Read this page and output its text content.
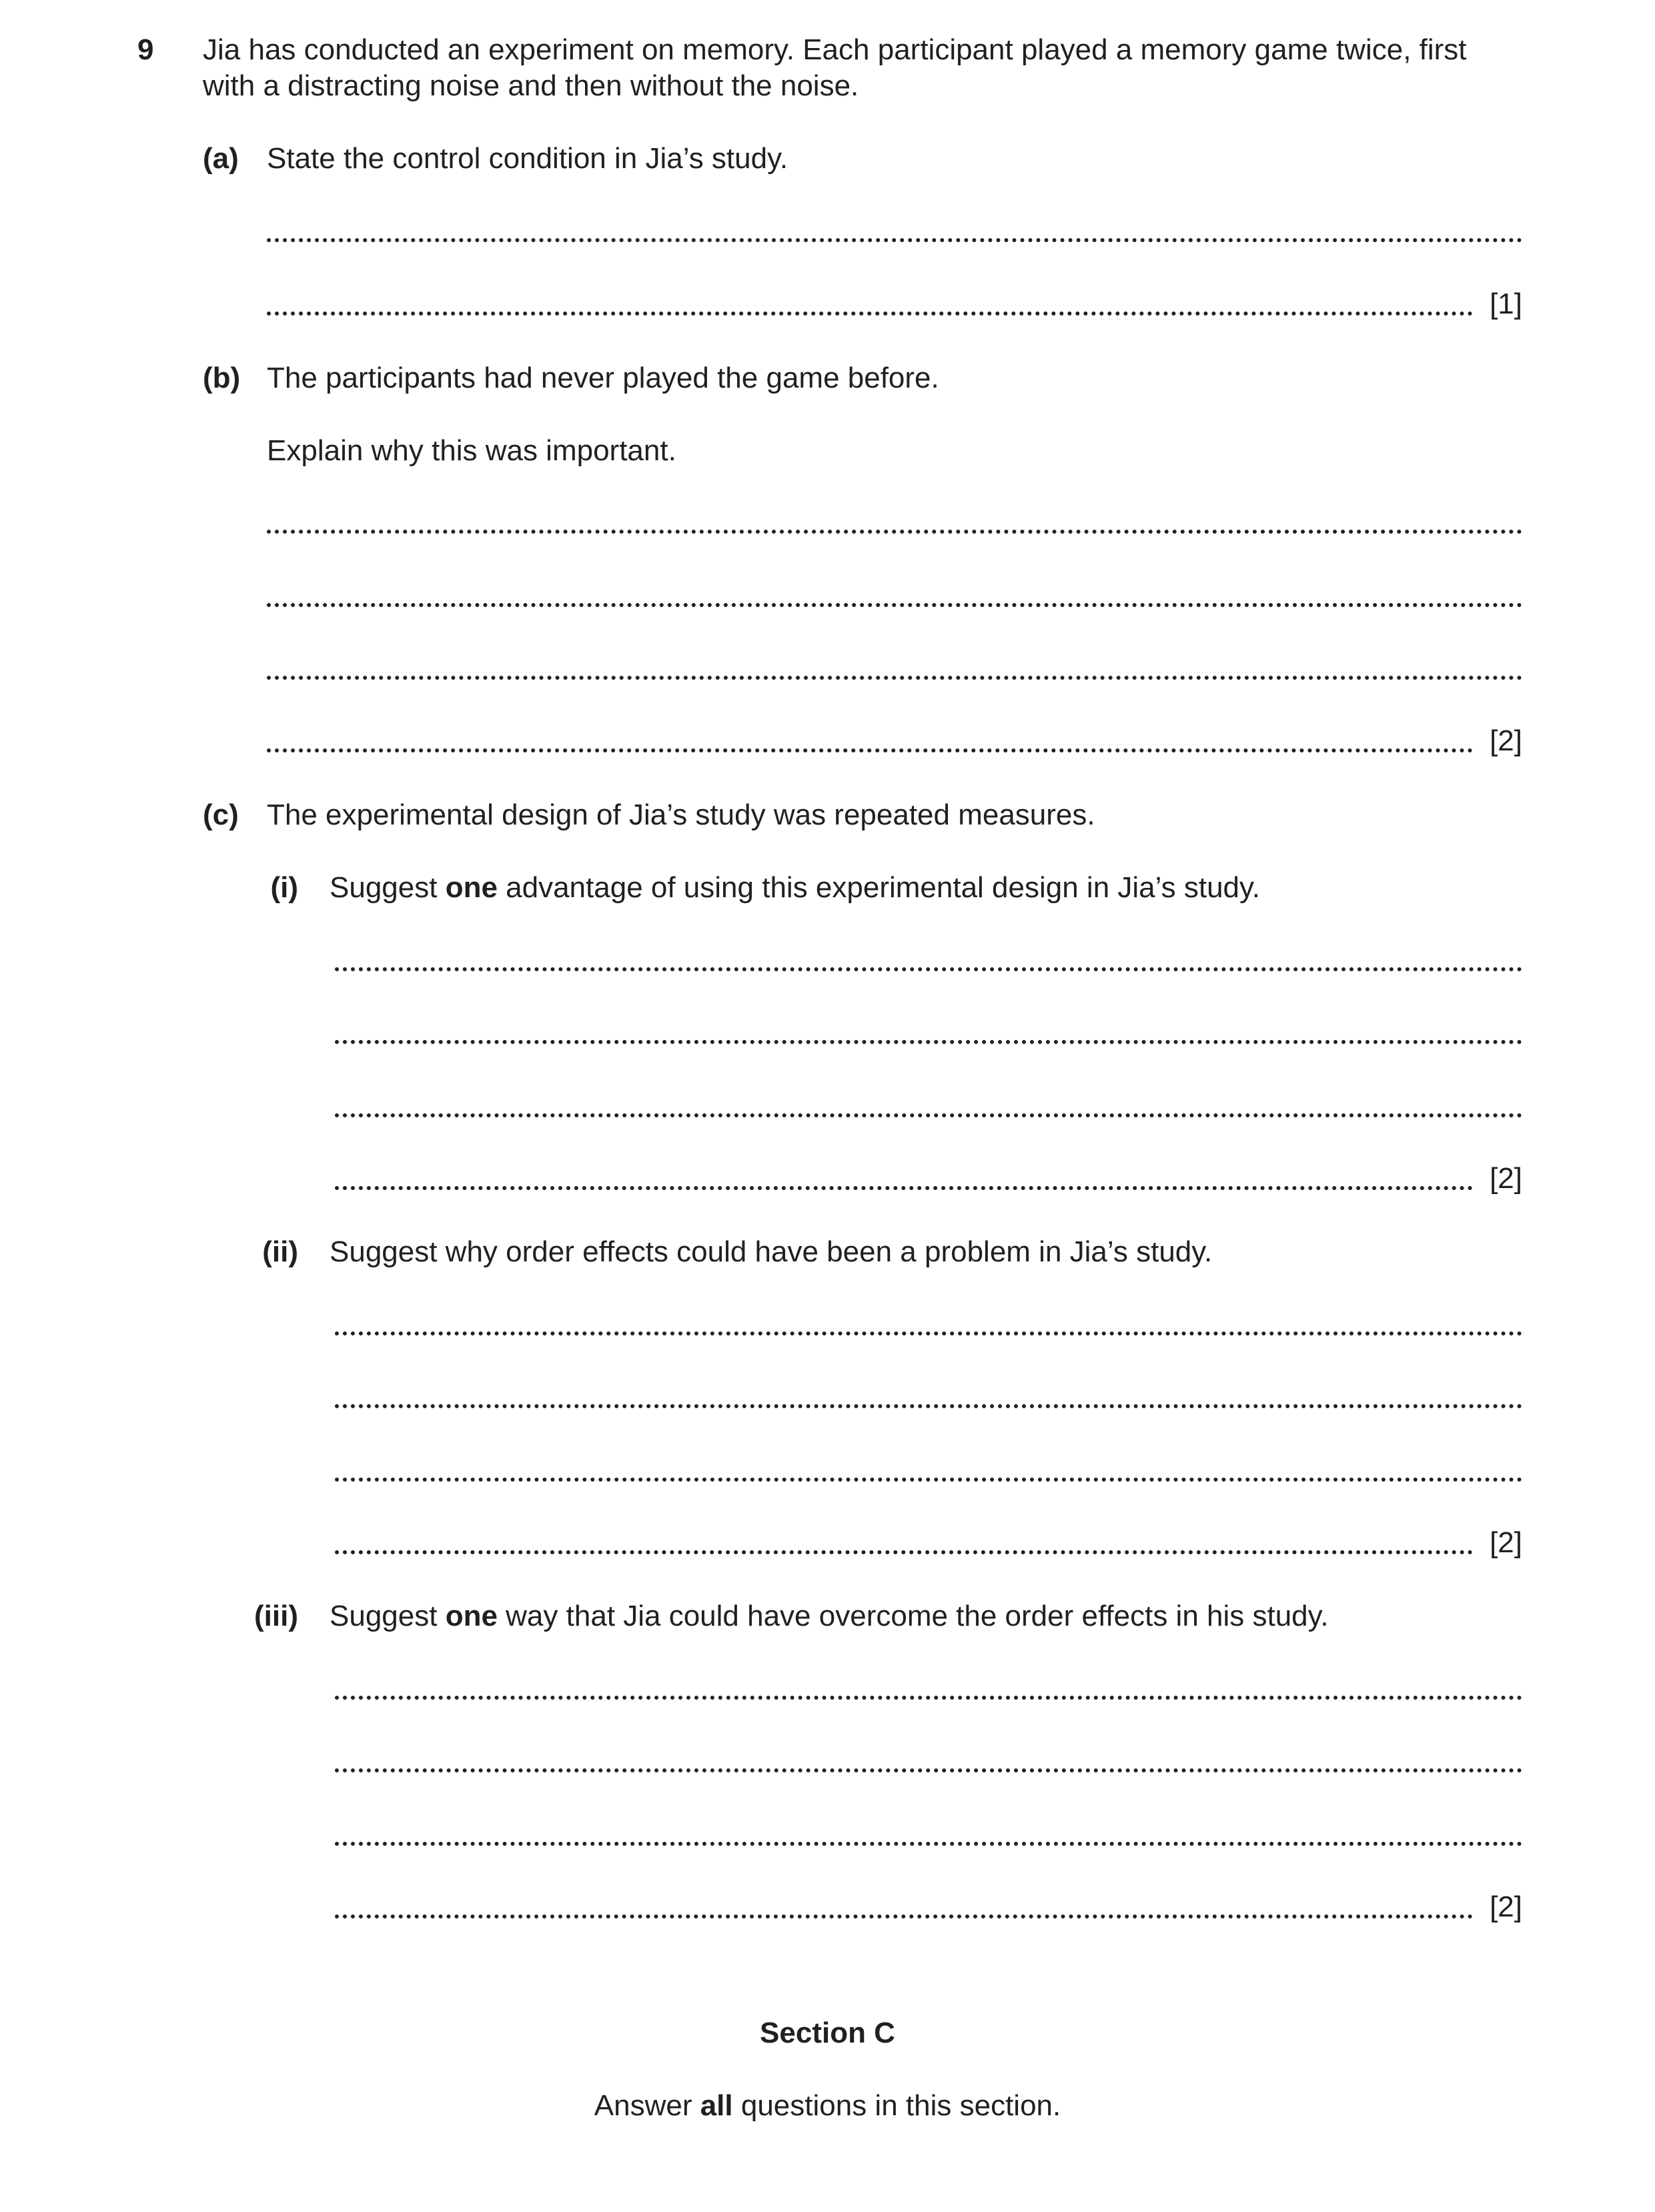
9 Jia has conducted an experiment on memory. Each participant played a memory game twice, first
with a distracting noise and then without the noise.
(a) State the control condition in Jia’s study.
[1]
(b) The participants had never played the game before.
Explain why this was important.
[2]
(c) The experimental design of Jia’s study was repeated measures.
(i) Suggest one advantage of using this experimental design in Jia’s study.
[2]
(ii) Suggest why order effects could have been a problem in Jia’s study.
[2]
(iii) Suggest one way that Jia could have overcome the order effects in his study.
[2]
Section C
Answer all questions in this section.
